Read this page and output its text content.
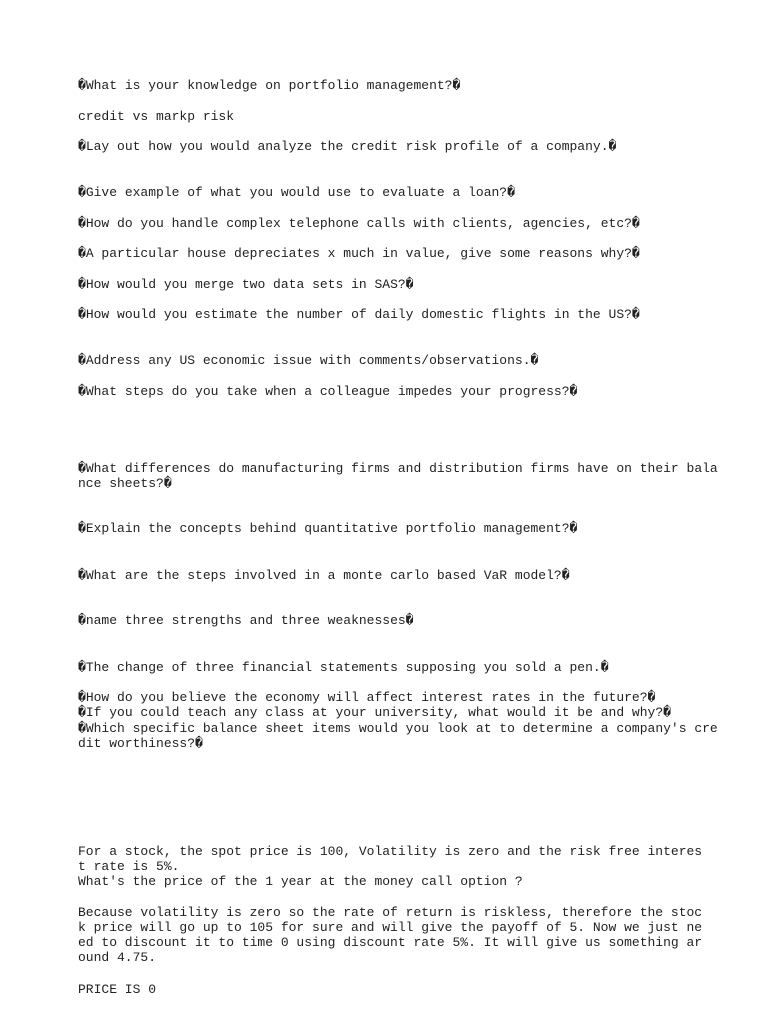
�What is your knowledge on portfolio management?�

credit vs markp risk

�Lay out how you would analyze the credit risk profile of a company.�

�Give example of what you would use to evaluate a loan?�

�How do you handle complex telephone calls with clients, agencies, etc?�

�A particular house depreciates x much in value, give some reasons why?�

�How would you merge two data sets in SAS?�

�How would you estimate the number of daily domestic flights in the US?�

�Address any US economic issue with comments/observations.�

�What steps do you take when a colleague impedes your progress?�

�What differences do manufacturing firms and distribution firms have on their bala
nce sheets?�

�Explain the concepts behind quantitative portfolio management?�

�What are the steps involved in a monte carlo based VaR model?�

�name three strengths and three weaknesses�

�The change of three financial statements supposing you sold a pen.�

�How do you believe the economy will affect interest rates in the future?�

�If you could teach any class at your university, what would it be and why?�

�Which specific balance sheet items would you look at to determine a company's cre
dit worthiness?�

For a stock, the spot price is 100, Volatility is zero and the risk free interes
t rate is 5%.
What's the price of the 1 year at the money call option ?

Because volatility is zero so the rate of return is riskless, therefore the stoc
k price will go up to 105 for sure and will give the payoff of 5. Now we just ne
ed to discount it to time 0 using discount rate 5%. It will give us something ar
ound 4.75.

PRICE IS 0
